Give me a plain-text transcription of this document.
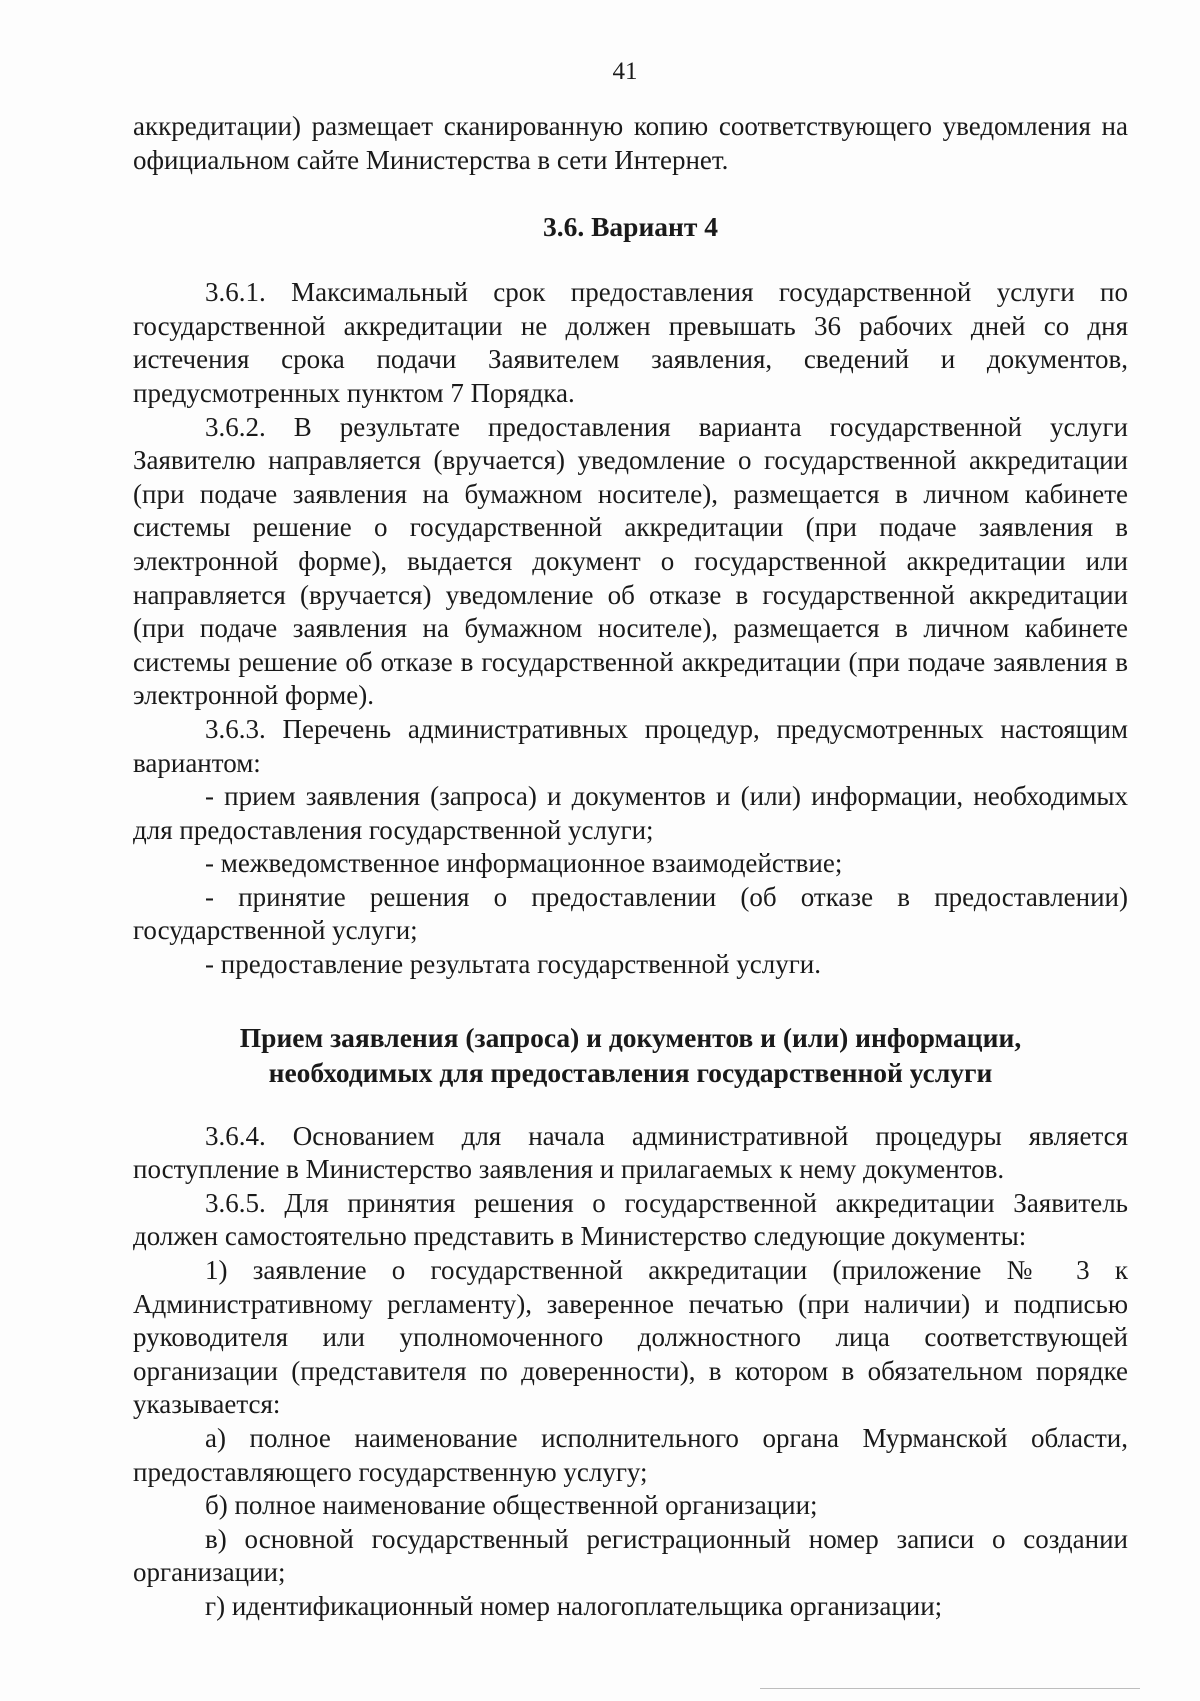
41

аккредитации) размещает сканированную копию соответствующего уведомления на официальном сайте Министерства в сети Интернет.

3.6. Вариант 4

3.6.1. Максимальный срок предоставления государственной услуги по государственной аккредитации не должен превышать 36 рабочих дней со дня истечения срока подачи Заявителем заявления, сведений и документов, предусмотренных пунктом 7 Порядка.

3.6.2. В результате предоставления варианта государственной услуги Заявителю направляется (вручается) уведомление о государственной аккредитации (при подаче заявления на бумажном носителе), размещается в личном кабинете системы решение о государственной аккредитации (при подаче заявления в электронной форме), выдается документ о государственной аккредитации или направляется (вручается) уведомление об отказе в государственной аккредитации (при подаче заявления на бумажном носителе), размещается в личном кабинете системы решение об отказе в государственной аккредитации (при подаче заявления в электронной форме).

3.6.3. Перечень административных процедур, предусмотренных настоящим вариантом:

- прием заявления (запроса) и документов и (или) информации, необходимых для предоставления государственной услуги;

- межведомственное информационное взаимодействие;

- принятие решения о предоставлении (об отказе в предоставлении) государственной услуги;

- предоставление результата государственной услуги.

Прием заявления (запроса) и документов и (или) информации,
необходимых для предоставления государственной услуги

3.6.4. Основанием для начала административной процедуры является поступление в Министерство заявления и прилагаемых к нему документов.

3.6.5. Для принятия решения о государственной аккредитации Заявитель должен самостоятельно представить в Министерство следующие документы:

1) заявление о государственной аккредитации (приложение № 3 к Административному регламенту), заверенное печатью (при наличии) и подписью руководителя или уполномоченного должностного лица соответствующей организации (представителя по доверенности), в котором в обязательном порядке указывается:

а) полное наименование исполнительного органа Мурманской области, предоставляющего государственную услугу;

б) полное наименование общественной организации;

в) основной государственный регистрационный номер записи о создании организации;

г) идентификационный номер налогоплательщика организации;
